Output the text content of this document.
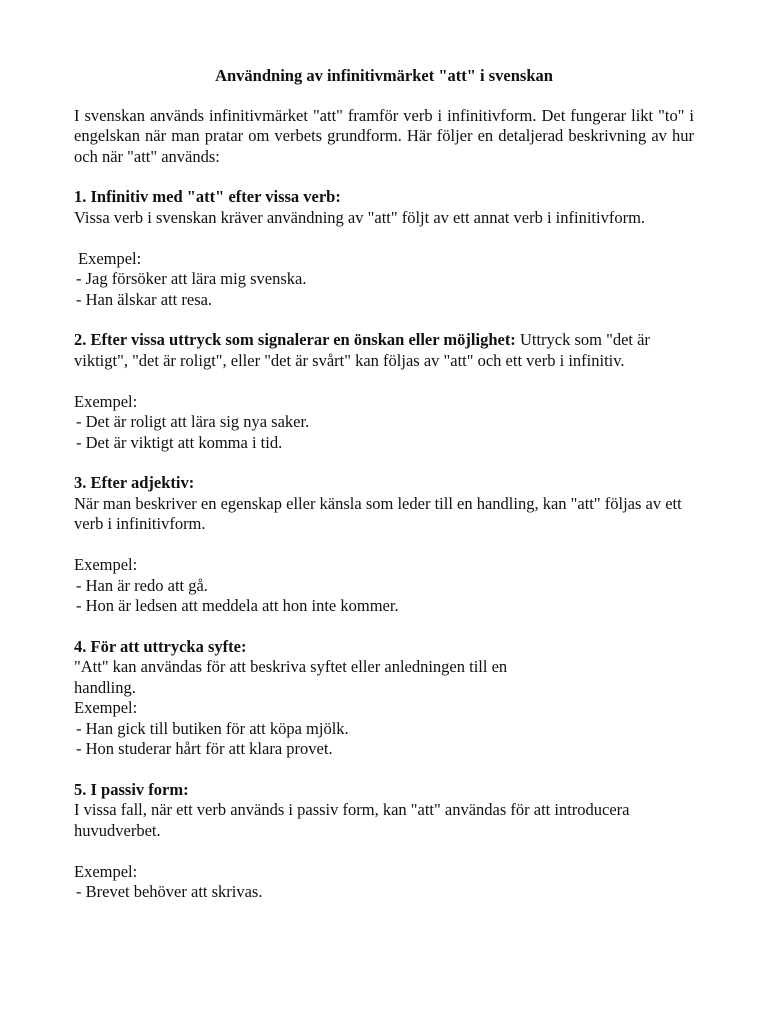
Användning av infinitivmärket "att" i svenskan
I svenskan används infinitivmärket "att" framför verb i infinitivform. Det fungerar likt "to" i engelskan när man pratar om verbets grundform. Här följer en detaljerad beskrivning av hur och när "att" används:
1. Infinitiv med "att" efter vissa verb:
Vissa verb i svenskan kräver användning av "att" följt av ett annat verb i infinitivform.
Exempel:
- Jag försöker att lära mig svenska.
- Han älskar att resa.
2. Efter vissa uttryck som signalerar en önskan eller möjlighet: Uttryck som "det är viktigt", "det är roligt", eller "det är svårt" kan följas av "att" och ett verb i infinitiv.
Exempel:
- Det är roligt att lära sig nya saker.
- Det är viktigt att komma i tid.
3. Efter adjektiv:
När man beskriver en egenskap eller känsla som leder till en handling, kan "att" följas av ett verb i infinitivform.
Exempel:
- Han är redo att gå.
- Hon är ledsen att meddela att hon inte kommer.
4. För att uttrycka syfte:
"Att" kan användas för att beskriva syftet eller anledningen till en handling.
Exempel:
- Han gick till butiken för att köpa mjölk.
- Hon studerar hårt för att klara provet.
5. I passiv form:
I vissa fall, när ett verb används i passiv form, kan "att" användas för att introducera huvudverbet.
Exempel:
- Brevet behöver att skrivas.
